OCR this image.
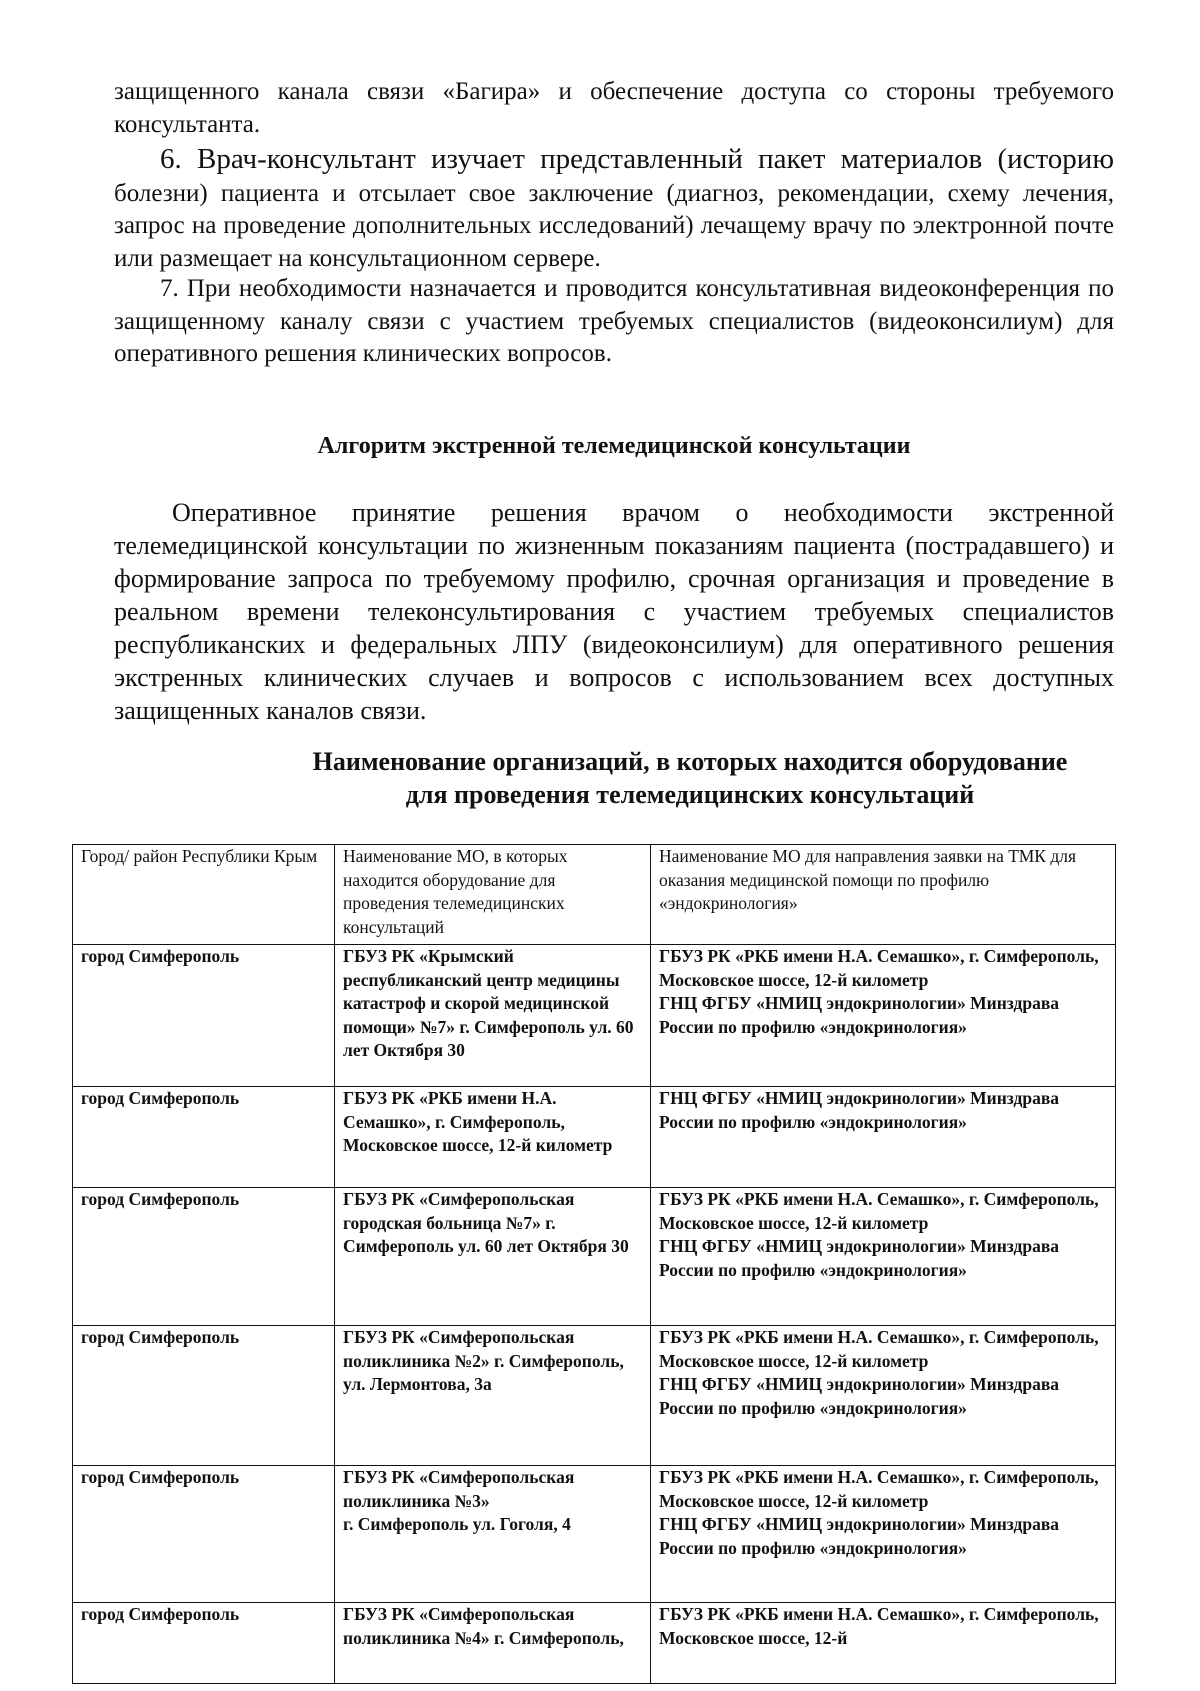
защищенного канала связи «Багира» и обеспечение доступа со стороны требуемого консультанта.

6. Врач-консультант изучает представленный пакет материалов (историю болезни) пациента и отсылает свое заключение (диагноз, рекомендации, схему лечения, запрос на проведение дополнительных исследований) лечащему врачу по электронной почте или размещает на консультационном сервере.

7. При необходимости назначается и проводится консультативная видеоконференция по защищенному каналу связи с участием требуемых специалистов (видеоконсилиум) для оперативного решения клинических вопросов.

Алгоритм экстренной телемедицинской консультации

Оперативное принятие решения врачом о необходимости экстренной телемедицинской консультации по жизненным показаниям пациента (пострадавшего) и формирование запроса по требуемому профилю, срочная организация и проведение в реальном времени телеконсультирования с участием требуемых специалистов республиканских и федеральных ЛПУ (видеоконсилиум) для оперативного решения экстренных клинических случаев и вопросов с использованием всех доступных защищенных каналов связи.

Наименование организаций, в которых находится оборудование
для проведения телемедицинских консультаций
Город/ район Республики Крым	Наименование МО, в которых находится оборудование для проведения телемедицинских консультаций	Наименование МО для направления заявки на ТМК для оказания медицинской помощи по профилю «эндокринология»
город Симферополь	ГБУЗ РК «Крымский республиканский центр медицины катастроф и скорой медицинской помощи» №7» г. Симферополь ул. 60 лет Октября 30	ГБУЗ РК «РКБ имени Н.А. Семашко», г. Симферополь, Московское шоссе, 12-й километр
ГНЦ ФГБУ «НМИЦ эндокринологии» Минздрава России по профилю «эндокринология»

город Симферополь	ГБУЗ РК «РКБ имени Н.А. Семашко», г. Симферополь, Московское шоссе, 12-й километр	ГНЦ ФГБУ «НМИЦ эндокринологии» Минздрава России по профилю «эндокринология»

город Симферополь	ГБУЗ РК «Симферопольская городская больница №7» г. Симферополь ул. 60 лет Октября 30	ГБУЗ РК «РКБ имени Н.А. Семашко», г. Симферополь, Московское шоссе, 12-й километр
ГНЦ ФГБУ «НМИЦ эндокринологии» Минздрава России по профилю «эндокринология»

город Симферополь	ГБУЗ РК «Симферопольская поликлиника №2» г. Симферополь, ул. Лермонтова, 3а	ГБУЗ РК «РКБ имени Н.А. Семашко», г. Симферополь, Московское шоссе, 12-й километр
ГНЦ ФГБУ «НМИЦ эндокринологии» Минздрава России по профилю «эндокринология»

город Симферополь	ГБУЗ РК «Симферопольская поликлиника №3»
г. Симферополь ул. Гоголя, 4	ГБУЗ РК «РКБ имени Н.А. Семашко», г. Симферополь, Московское шоссе, 12-й километр
ГНЦ ФГБУ «НМИЦ эндокринологии» Минздрава России по профилю «эндокринология»

город Симферополь	ГБУЗ РК «Симферопольская поликлиника №4» г. Симферополь,	ГБУЗ РК «РКБ имени Н.А. Семашко», г. Симферополь, Московское шоссе, 12-й
